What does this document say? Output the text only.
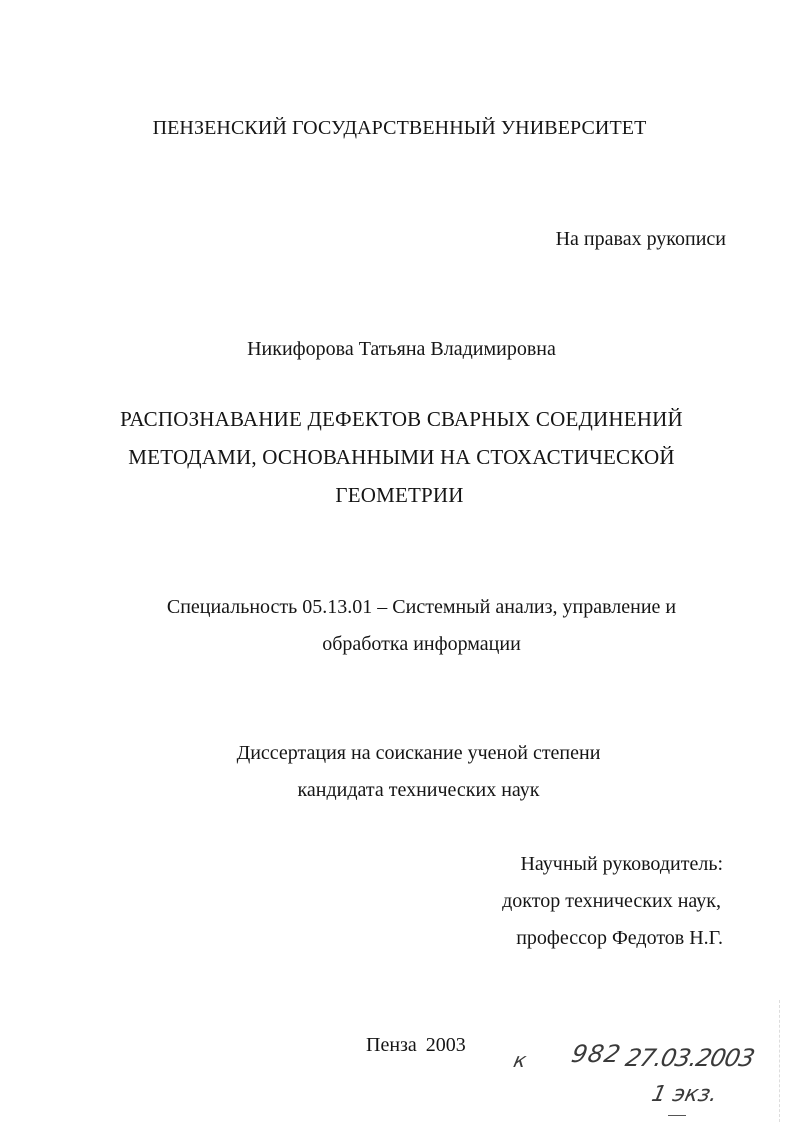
ПЕНЗЕНСКИЙ ГОСУДАРСТВЕННЫЙ УНИВЕРСИТЕТ
На правах рукописи
Никифорова Татьяна Владимировна
РАСПОЗНАВАНИЕ ДЕФЕКТОВ СВАРНЫХ СОЕДИНЕНИЙ
МЕТОДАМИ, ОСНОВАННЫМИ НА СТОХАСТИЧЕСКОЙ
ГЕОМЕТРИИ
Специальность 05.13.01 – Системный анализ, управление и
обработка информации
Диссертация на соискание ученой степени
кандидата технических наук
Научный руководитель:
доктор технических наук,
профессор Федотов Н.Г.
Пенза 2003
к 982 27.03.2003
1 экз.
